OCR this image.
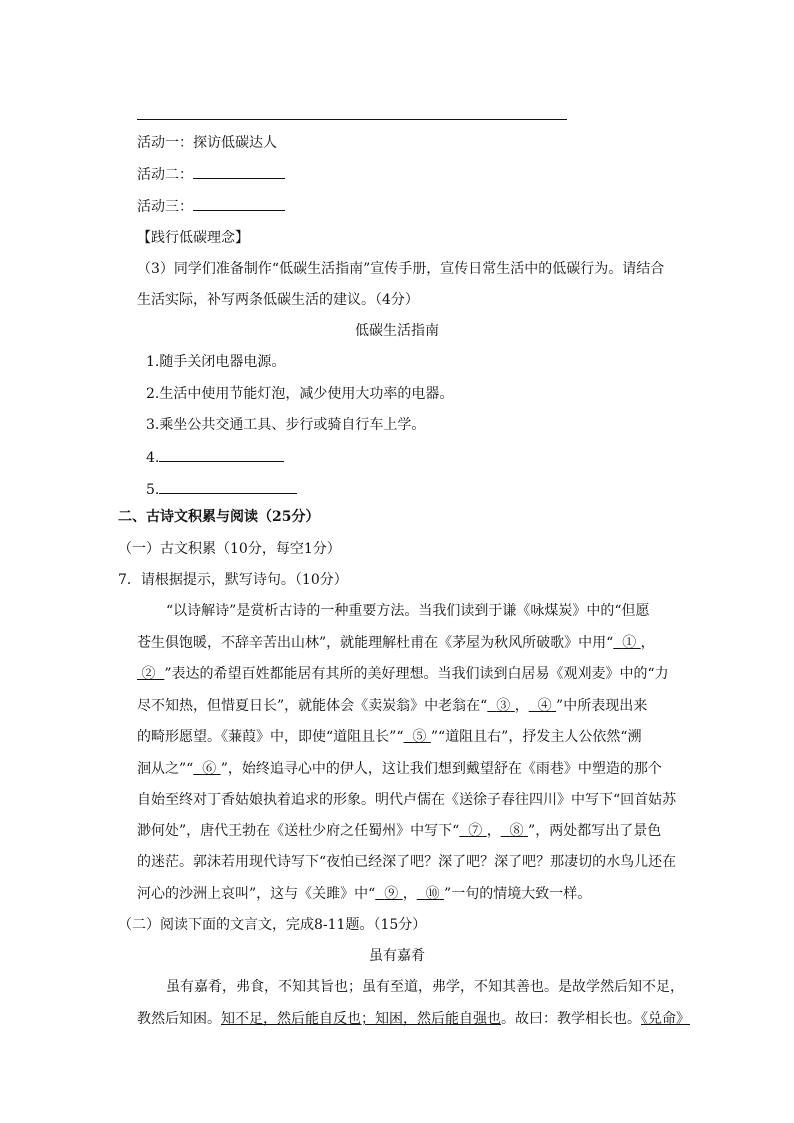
活动一：探访低碳达人
活动二：
活动三：
【践行低碳理念】
（3）同学们准备制作“低碳生活指南”宣传手册，宣传日常生活中的低碳行为。请结合
生活实际，补写两条低碳生活的建议。（4分）
低碳生活指南
1.随手关闭电器电源。
2.生活中使用节能灯泡，减少使用大功率的电器。
3.乘坐公共交通工具、步行或骑自行车上学。
4.
5.
二、古诗文积累与阅读（25分）
（一）古文积累（10分，每空1分）
7．请根据提示，默写诗句。（10分）
“以诗解诗”是赏析古诗的一种重要方法。当我们读到于谦《咏煤炭》中的“但愿
苍生俱饱暖，不辞辛苦出山林”，就能理解杜甫在《茅屋为秋风所破歌》中用“ ① ，
② ”表达的希望百姓都能居有其所的美好理想。当我们读到白居易《观刈麦》中的“力
尽不知热，但惜夏日长”，就能体会《卖炭翁》中老翁在“ ③ ， ④ ”中所表现出来
的畸形愿望。《蒹葭》中，即使“道阻且长”“ ⑤ ”“道阻且右”，抒发主人公依然“溯
洄从之”“ ⑥ ”，始终追寻心中的伊人，这让我们想到戴望舒在《雨巷》中塑造的那个
自始至终对丁香姑娘执着追求的形象。明代卢儒在《送徐子春往四川》中写下“回首姑苏
渺何处”，唐代王勃在《送杜少府之任蜀州》中写下“ ⑦ ， ⑧ ”，两处都写出了景色
的迷茫。郭沫若用现代诗写下“夜怕已经深了吧？深了吧？深了吧？那凄切的水鸟儿还在
河心的沙洲上哀叫”，这与《关雎》中“ ⑨ ， ⑩ ”一句的情境大致一样。
（二）阅读下面的文言文，完成8-11题。（15分）
虽有嘉肴
虽有嘉肴，弗食，不知其旨也；虽有至道，弗学，不知其善也。是故学然后知不足，
教然后知困。知不足，然后能自反也；知困，然后能自强也。故曰：教学相长也。《兑命》
